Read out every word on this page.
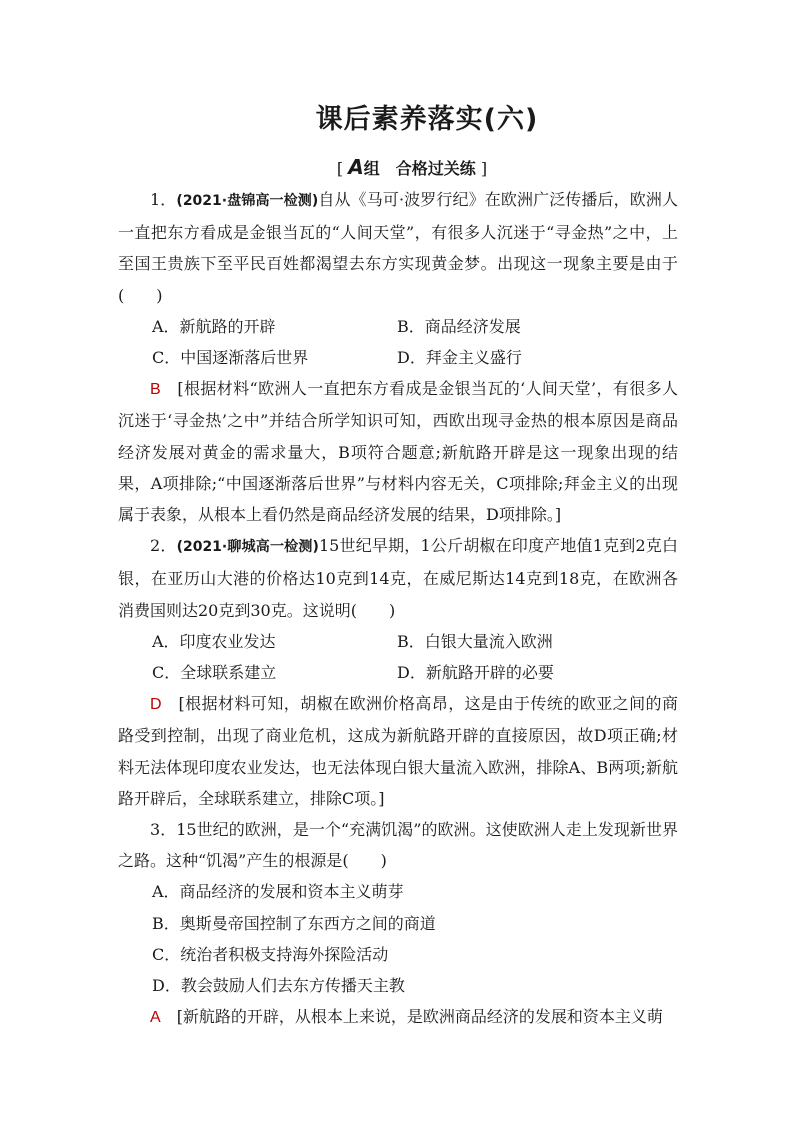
课后素养落实(六)
[ A组　合格过关练 ]

1．(2021·盘锦高一检测)自从《马可·波罗行纪》在欧洲广泛传播后，欧洲人一直把东方看成是金银当瓦的“人间天堂”，有很多人沉迷于“寻金热”之中，上至国王贵族下至平民百姓都渴望去东方实现黄金梦。出现这一现象主要是由于(　　)

A．新航路的开辟	B．商品经济发展
C．中国逐渐落后世界	D．拜金主义盛行

B　 [根据材料“欧洲人一直把东方看成是金银当瓦的‘人间天堂’，有很多人沉迷于‘寻金热’之中”并结合所学知识可知，西欧出现寻金热的根本原因是商品经济发展对黄金的需求量大，B项符合题意;新航路开辟是这一现象出现的结果，A项排除;“中国逐渐落后世界”与材料内容无关，C项排除;拜金主义的出现属于表象，从根本上看仍然是商品经济发展的结果，D项排除。]

2．(2021·聊城高一检测)15世纪早期，1公斤胡椒在印度产地值1克到2克白银，在亚历山大港的价格达10克到14克，在威尼斯达14克到18克，在欧洲各消费国则达20克到30克。这说明(　　)

A．印度农业发达	B．白银大量流入欧洲
C．全球联系建立	D．新航路开辟的必要

D　 [根据材料可知，胡椒在欧洲价格高昂，这是由于传统的欧亚之间的商路受到控制，出现了商业危机，这成为新航路开辟的直接原因，故D项正确;材料无法体现印度农业发达，也无法体现白银大量流入欧洲，排除A、B两项;新航路开辟后，全球联系建立，排除C项。]

3．15世纪的欧洲，是一个“充满饥渴”的欧洲。这使欧洲人走上发现新世界之路。这种“饥渴”产生的根源是(　　)

A．商品经济的发展和资本主义萌芽
B．奥斯曼帝国控制了东西方之间的商道
C．统治者积极支持海外探险活动
D．教会鼓励人们去东方传播天主教

A　 [新航路的开辟，从根本上来说，是欧洲商品经济的发展和资本主义萌
